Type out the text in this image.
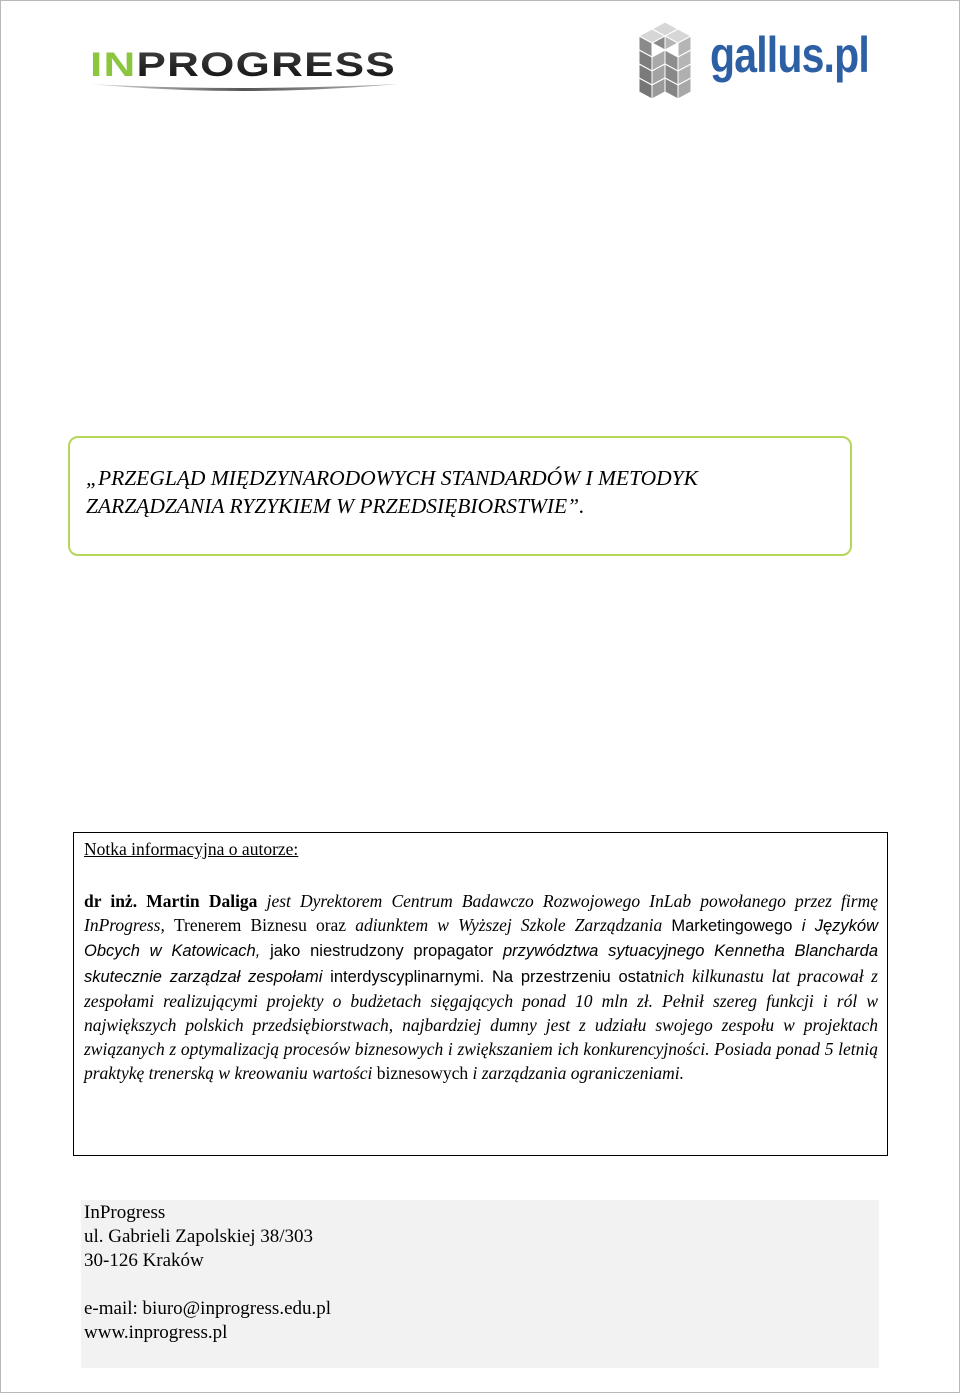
IN PROGRESS	gallus.pl
„PRZEGLĄD MIĘDZYNARODOWYCH STANDARDÓW I METODYK
ZARZĄDZANIA RYZYKIEM W PRZEDSIĘBIORSTWIE”.
Notka informacyjna o autorze:
dr inż. Martin Daliga jest Dyrektorem Centrum Badawczo Rozwojowego InLab powołanego przez firmę InProgress, Trenerem Biznesu oraz adiunktem w Wyższej Szkole Zarządzania Marketingowego i Języków Obcych w Katowicach, jako niestrudzony propagator przywództwa sytuacyjnego Kennetha Blancharda skutecznie zarządzał zespołami interdyscyplinarnymi. Na przestrzeniu ostatnich kilkunastu lat pracował z zespołami realizującymi projekty o budżetach sięgających ponad 10 mln zł. Pełnił szereg funkcji i ról w największych polskich przedsiębiorstwach, najbardziej dumny jest z udziału swojego zespołu w projektach związanych z optymalizacją procesów biznesowych i zwiększaniem ich konkurencyjności. Posiada ponad 5 letnią praktykę trenerską w kreowaniu wartości biznesowych i zarządzania ograniczeniami.
InProgress
ul. Gabrieli Zapolskiej 38/303
30-126 Kraków
e-mail: biuro@inprogress.edu.pl
www.inprogress.pl
